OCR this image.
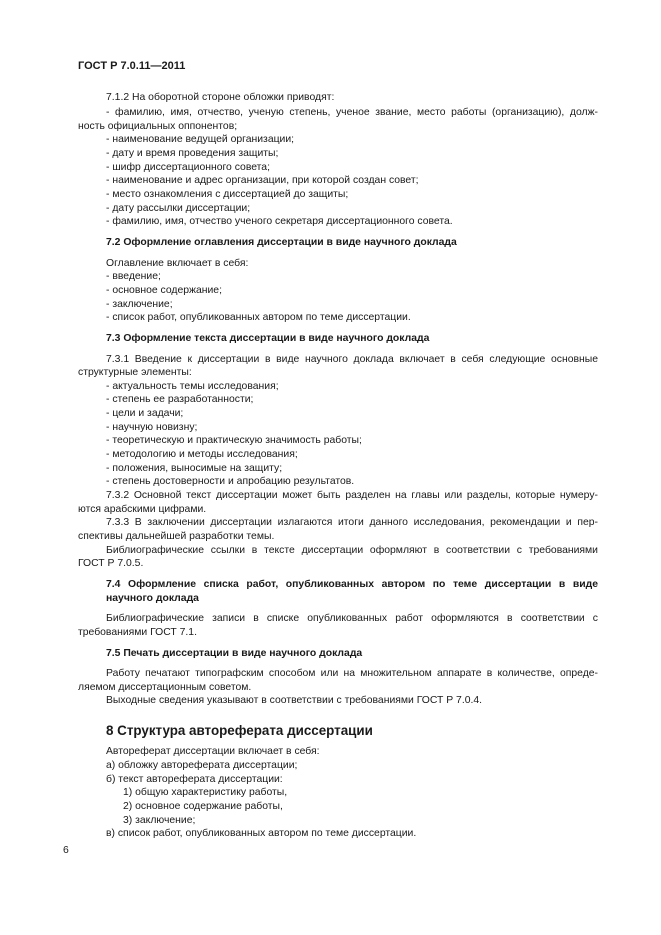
ГОСТ Р 7.0.11—2011
7.1.2 На оборотной стороне обложки приводят:
- фамилию, имя, отчество, ученую степень, ученое звание, место работы (организацию), долж-
ность официальных оппонентов;
- наименование ведущей организации;
- дату и время проведения защиты;
- шифр диссертационного совета;
- наименование и адрес организации, при которой создан совет;
- место ознакомления с диссертацией до защиты;
- дату рассылки диссертации;
- фамилию, имя, отчество ученого секретаря диссертационного совета.
7.2 Оформление оглавления диссертации в виде научного доклада
Оглавление включает в себя:
- введение;
- основное содержание;
- заключение;
- список работ, опубликованных автором по теме диссертации.
7.3 Оформление текста диссертации в виде научного доклада
7.3.1 Введение к диссертации в виде научного доклада включает в себя следующие основные
структурные элементы:
- актуальность темы исследования;
- степень ее разработанности;
- цели и задачи;
- научную новизну;
- теоретическую и практическую значимость работы;
- методологию и методы исследования;
- положения, выносимые на защиту;
- степень достоверности и апробацию результатов.
7.3.2 Основной текст диссертации может быть разделен на главы или разделы, которые нумеру-
ются арабскими цифрами.
7.3.3 В заключении диссертации излагаются итоги данного исследования, рекомендации и пер-
спективы дальнейшей разработки темы.
Библиографические ссылки в тексте диссертации оформляют в соответствии с требованиями
ГОСТ Р 7.0.5.
7.4 Оформление списка работ, опубликованных автором по теме диссертации в виде
научного доклада
Библиографические записи в списке опубликованных работ оформляются в соответствии с
требованиями ГОСТ 7.1.
7.5 Печать диссертации в виде научного доклада
Работу печатают типографским способом или на множительном аппарате в количестве, опреде-
ляемом диссертационным советом.
Выходные сведения указывают в соответствии с требованиями ГОСТ Р 7.0.4.
8 Структура автореферата диссертации
Автореферат диссертации включает в себя:
а) обложку автореферата диссертации;
б) текст автореферата диссертации:
1) общую характеристику работы,
2) основное содержание работы,
3) заключение;
в) список работ, опубликованных автором по теме диссертации.
6
